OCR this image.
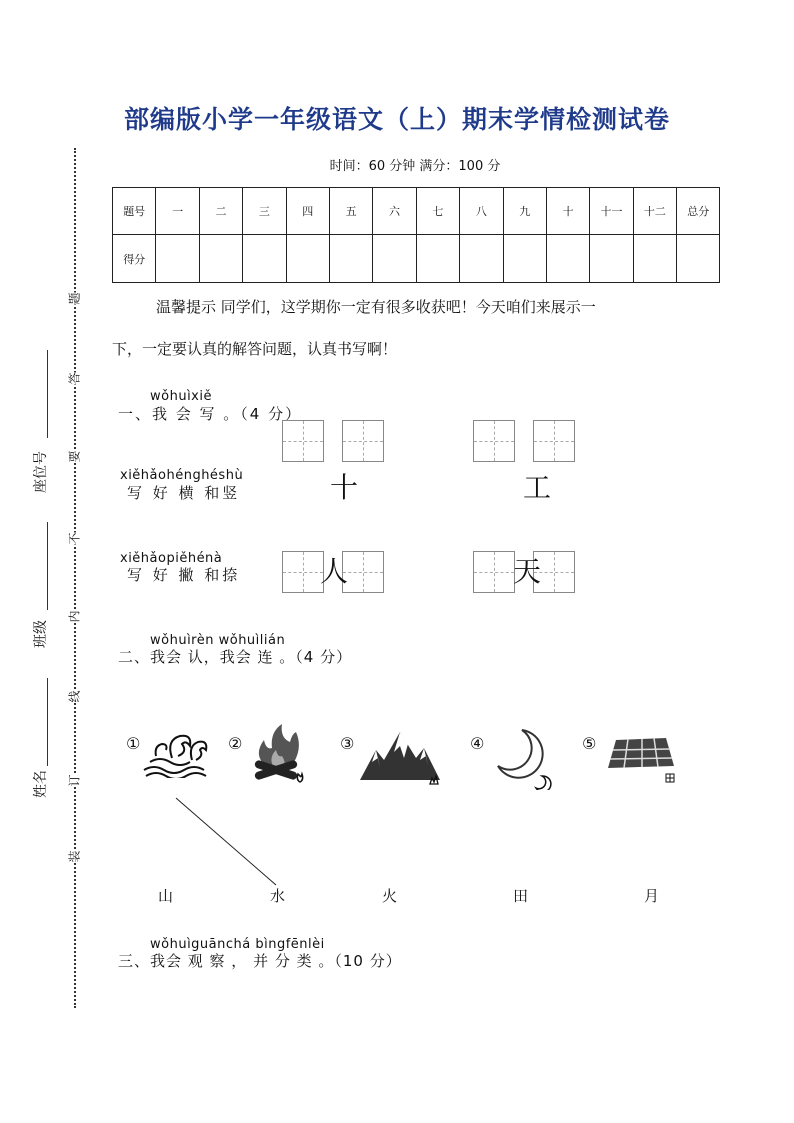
部编版小学一年级语文（上）期末学情检测试卷
时间：60 分钟 满分：100 分
题号	一	二	三	四	五	六	七	八	九	十	十一	十二	总分
得分													
温馨提示 同学们，这学期你一定有很多收获吧！今天咱们来展示一
下，一定要认真的解答问题，认真书写啊！
wǒhuìxiě
一、我 会 写 。（4 分）
xiěhǎohénghéshù
写 好 横 和竖	十	工
xiěhǎopiěhénà
写 好 撇 和捺	人	天
wǒhuìrèn wǒhuìlián
二、我会 认，我会 连 。（4 分）
①	②	③	④	⑤
山	水	火	田	月
wǒhuìguānchá bìngfēnlèi
三、我会 观 察 ， 并 分 类 。（10 分）
题
答
要
不
内
线
订
装
座位号
班级
姓名
